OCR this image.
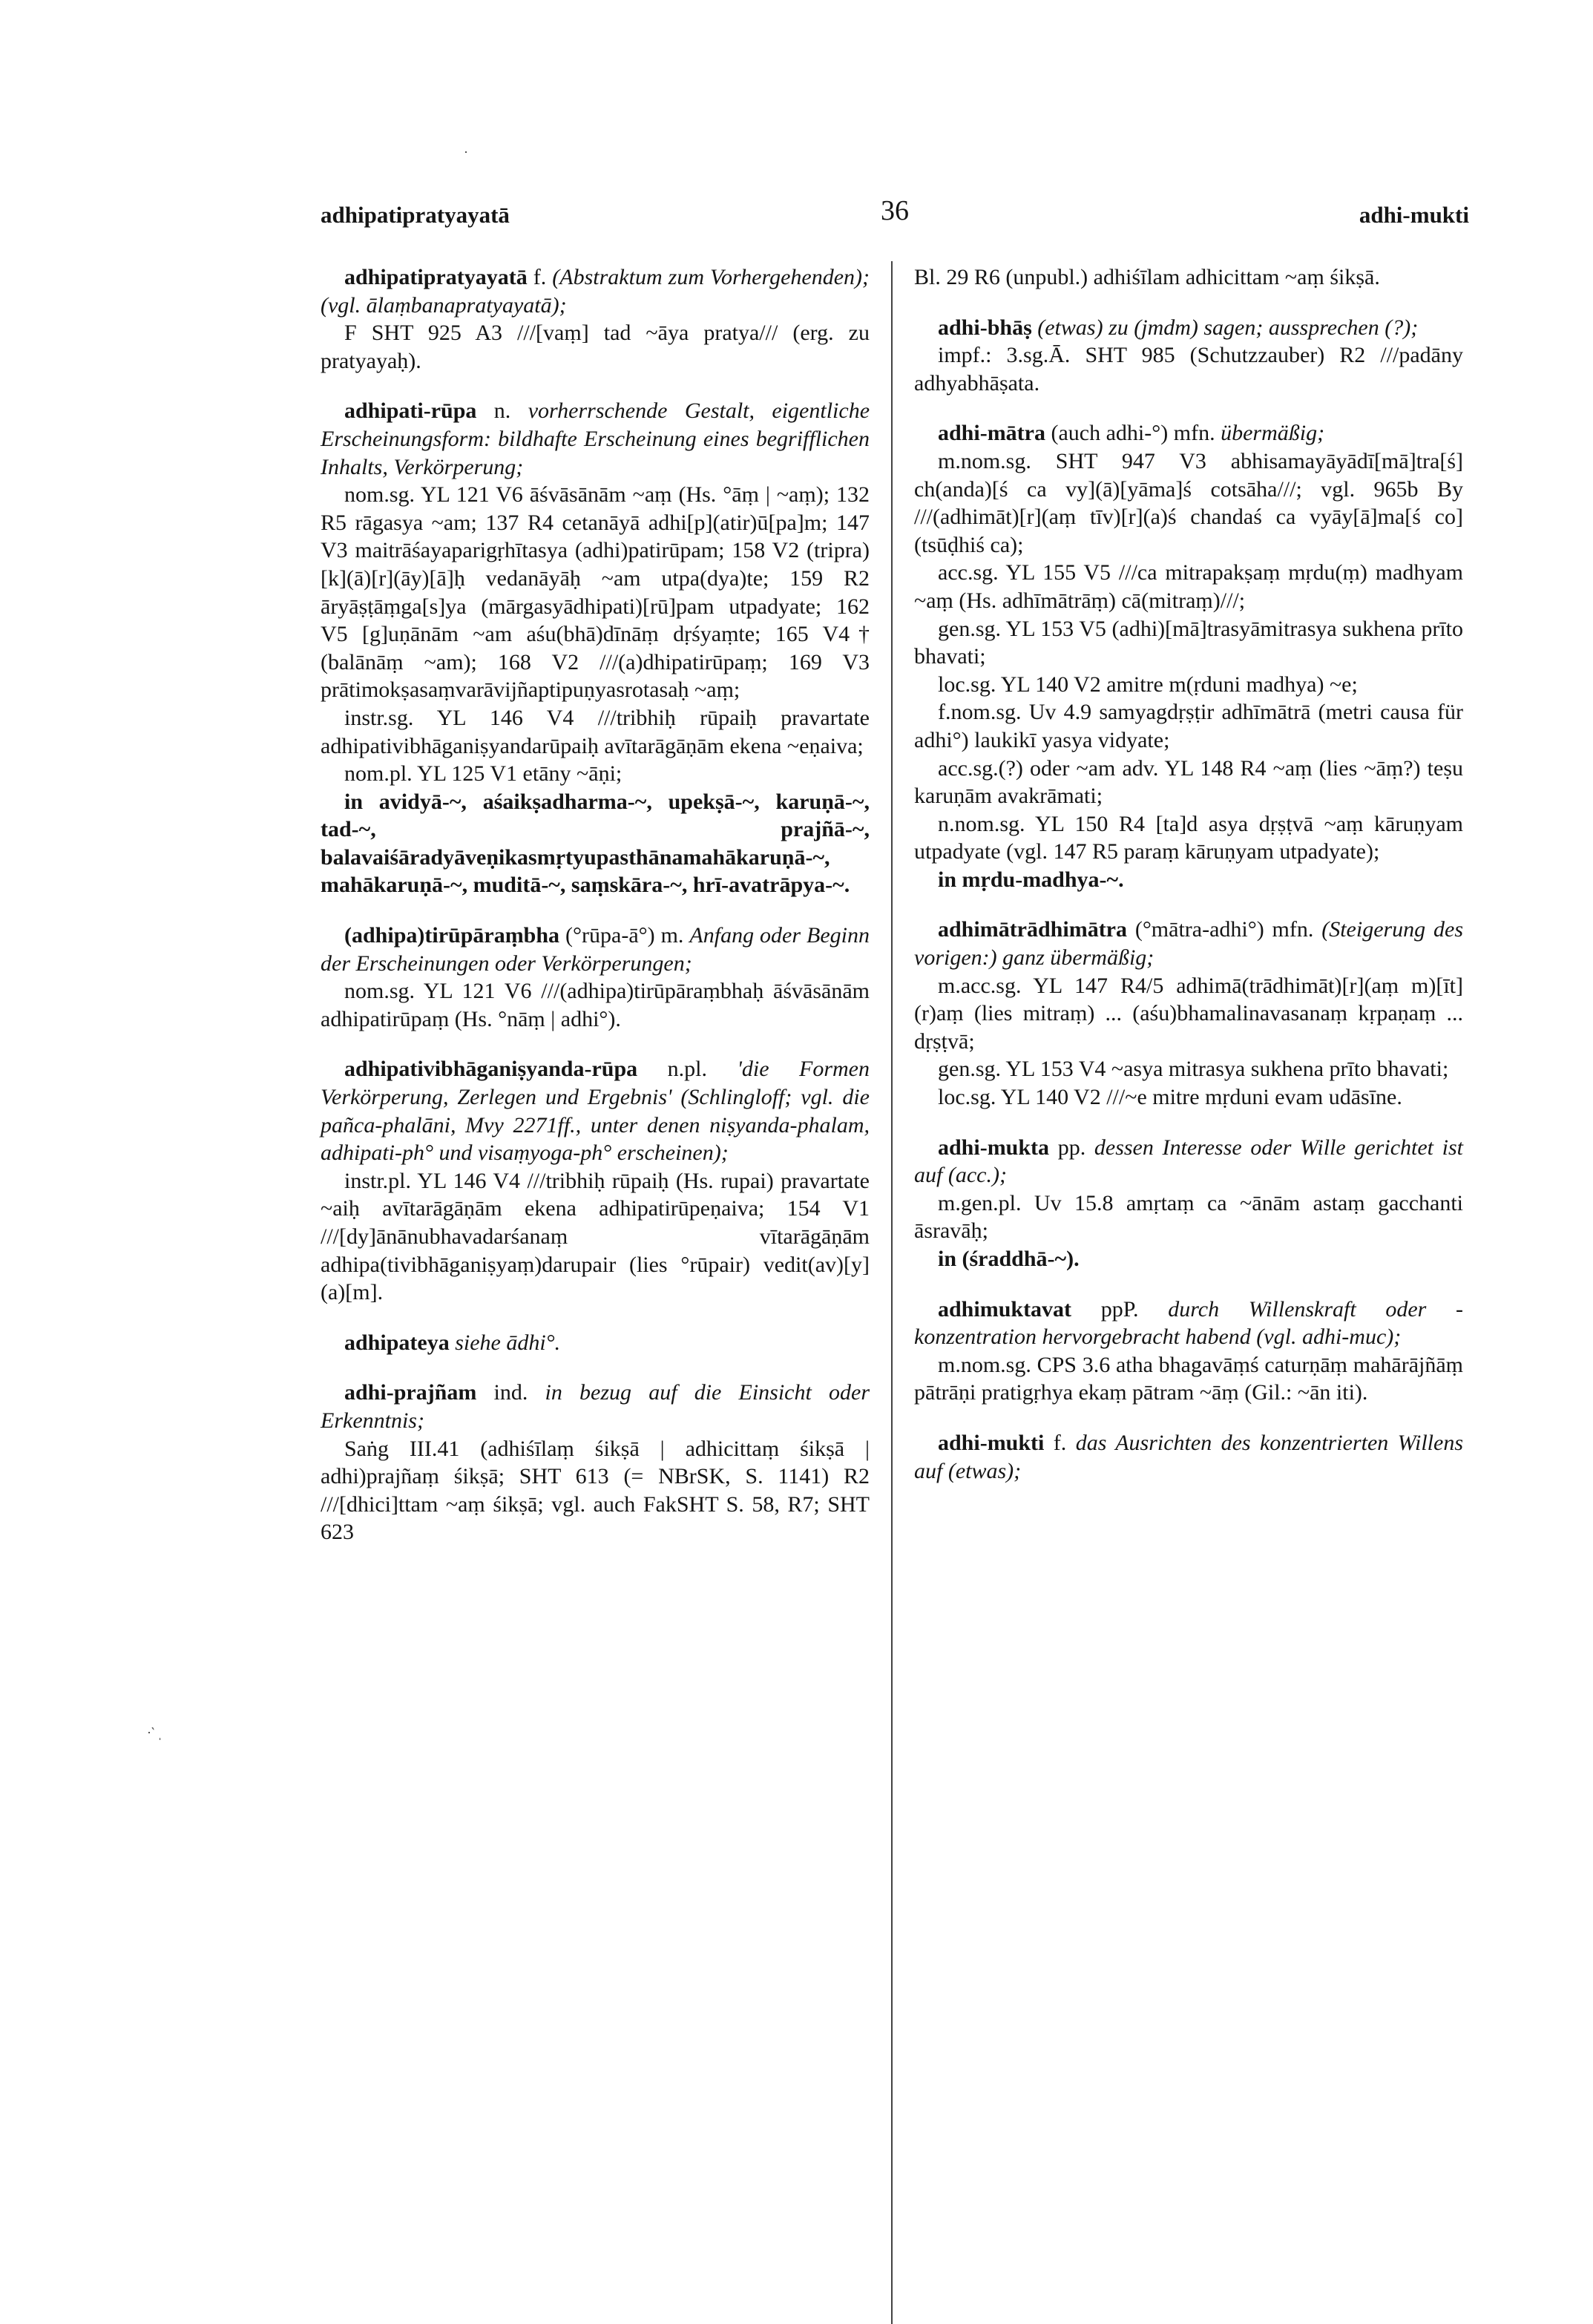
·
·‵ ˌ
adhipatipratyayatā	36	adhi-mukti
adhipatipratyayatā f. (Abstraktum zum Vorhergehenden); (vgl. ālaṃbanapratyayatā);
F SHT 925 A3 ///[vaṃ] tad ~āya pratya/// (erg. zu pratyayaḥ).
adhipati-rūpa n. vorherrschende Gestalt, eigentliche Erscheinungsform: bildhafte Erscheinung eines begrifflichen Inhalts, Verkörperung;
nom.sg. YL 121 V6 āśvāsānām ~aṃ (Hs. °āṃ | ~aṃ); 132 R5 rāgasya ~am; 137 R4 cetanāyā adhi[p](atir)ū[pa]m; 147 V3 maitrāśayaparigṛhītasya (adhi)patirūpam; 158 V2 (tripra)[k](ā)[r](āy)[ā]ḥ vedanāyāḥ ~am utpa(dya)te; 159 R2 āryāṣṭāṃga[s]ya (mārgasyādhipati)[rū]pam utpadyate; 162 V5 [g]uṇānām ~am aśu(bhā)dīnāṃ dṛśyaṃte; 165 V4† (balānāṃ ~am); 168 V2 ///(a)dhipatirūpaṃ; 169 V3 prātimokṣasaṃvarāvijñaptipuṇyasrotasaḥ ~aṃ;
instr.sg. YL 146 V4 ///tribhiḥ rūpaiḥ pravartate adhipativibhāganiṣyandarūpaiḥ avītarāgāṇām ekena ~eṇaiva;
nom.pl. YL 125 V1 etāny ~āṇi;
in avidyā-~, aśaikṣadharma-~, upekṣā-~, karuṇā-~, tad-~, prajñā-~, balavaiśāradyāveṇikasmṛtyupasthānamahākaruṇā-~, mahākaruṇā-~, muditā-~, saṃskāra-~, hrī-avatrāpya-~.
(adhipa)tirūpāraṃbha (°rūpa-ā°) m. Anfang oder Beginn der Erscheinungen oder Verkörperungen;
nom.sg. YL 121 V6 ///(adhipa)tirūpāraṃbhaḥ āśvāsānām adhipatirūpaṃ (Hs. °nāṃ | adhi°).
adhipativibhāganiṣyanda-rūpa n.pl. 'die Formen Verkörperung, Zerlegen und Ergebnis' (Schlingloff; vgl. die pañca-phalāni, Mvy 2271ff., unter denen niṣyanda-phalam, adhipati-ph° und visaṃyoga-ph° erscheinen);
instr.pl. YL 146 V4 ///tribhiḥ rūpaiḥ (Hs. rupai) pravartate ~aiḥ avītarāgāṇām ekena adhipatirūpeṇaiva; 154 V1 ///[dy]ānānubhavadarśanaṃ vītarāgāṇām adhipa(tivibhāganiṣyaṃ)darupair (lies °rūpair) vedit(av)[y](a)[m].
adhipateya siehe ādhi°.
adhi-prajñam ind. in bezug auf die Einsicht oder Erkenntnis;
Saṅg III.41 (adhiśīlaṃ śikṣā | adhicittaṃ śikṣā | adhi)prajñaṃ śikṣā; SHT 613 (= NBrSK, S. 1141) R2 ///[dhici]ttam ~aṃ śikṣā; vgl. auch FakSHT S. 58, R7; SHT 623

Bl. 29 R6 (unpubl.) adhiśīlam adhicittam ~aṃ śikṣā.

adhi-bhāṣ (etwas) zu (jmdm) sagen; aussprechen (?);
impf.: 3.sg.Ā. SHT 985 (Schutzzauber) R2 ///padāny adhyabhāṣata.
adhi-mātra (auch adhi-°) mfn. übermäßig;
m.nom.sg. SHT 947 V3 abhisamayāyādī[mā]tra[ś] ch(anda)[ś ca vy](ā)[yāma]ś cotsāha///; vgl. 965b By ///(adhimāt)[r](aṃ tīv)[r](a)ś chandaś ca vyāy[ā]ma[ś co](tsūḍhiś ca);
acc.sg. YL 155 V5 ///ca mitrapakṣaṃ mṛdu(ṃ) madhyam ~aṃ (Hs. adhīmātrāṃ) cā(mitraṃ)///;
gen.sg. YL 153 V5 (adhi)[mā]trasyāmitrasya sukhena prīto bhavati;
loc.sg. YL 140 V2 amitre m(ṛduni madhya) ~e;
f.nom.sg. Uv 4.9 samyagdṛṣṭir adhīmātrā (metri causa für adhi°) laukikī yasya vidyate;
acc.sg.(?) oder ~am adv. YL 148 R4 ~aṃ (lies ~āṃ?) teṣu karuṇām avakrāmati;
n.nom.sg. YL 150 R4 [ta]d asya dṛṣṭvā ~aṃ kāruṇyam utpadyate (vgl. 147 R5 paraṃ kāruṇyam utpadyate);
in mṛdu-madhya-~.
adhimātrādhimātra (°mātra-adhi°) mfn. (Steigerung des vorigen:) ganz übermäßig;
m.acc.sg. YL 147 R4/5 adhimā(trādhimāt)[r](aṃ m)[īt](r)aṃ (lies mitraṃ) ... (aśu)bhamalinavasanaṃ kṛpaṇaṃ ... dṛṣṭvā;
gen.sg. YL 153 V4 ~asya mitrasya sukhena prīto bhavati;
loc.sg. YL 140 V2 ///~e mitre mṛduni evam udāsīne.
adhi-mukta pp. dessen Interesse oder Wille gerichtet ist auf (acc.);
m.gen.pl. Uv 15.8 amṛtaṃ ca ~ānām astaṃ gacchanti āsravāḥ;
in (śraddhā-~).
adhimuktavat ppP. durch Willenskraft oder -konzentration hervorgebracht habend (vgl. adhi-muc);
m.nom.sg. CPS 3.6 atha bhagavāṃś caturṇāṃ mahārājñāṃ pātrāṇi pratigṛhya ekaṃ pātram ~āṃ (Gil.: ~ān iti).
adhi-mukti f. das Ausrichten des konzentrierten Willens auf (etwas);
